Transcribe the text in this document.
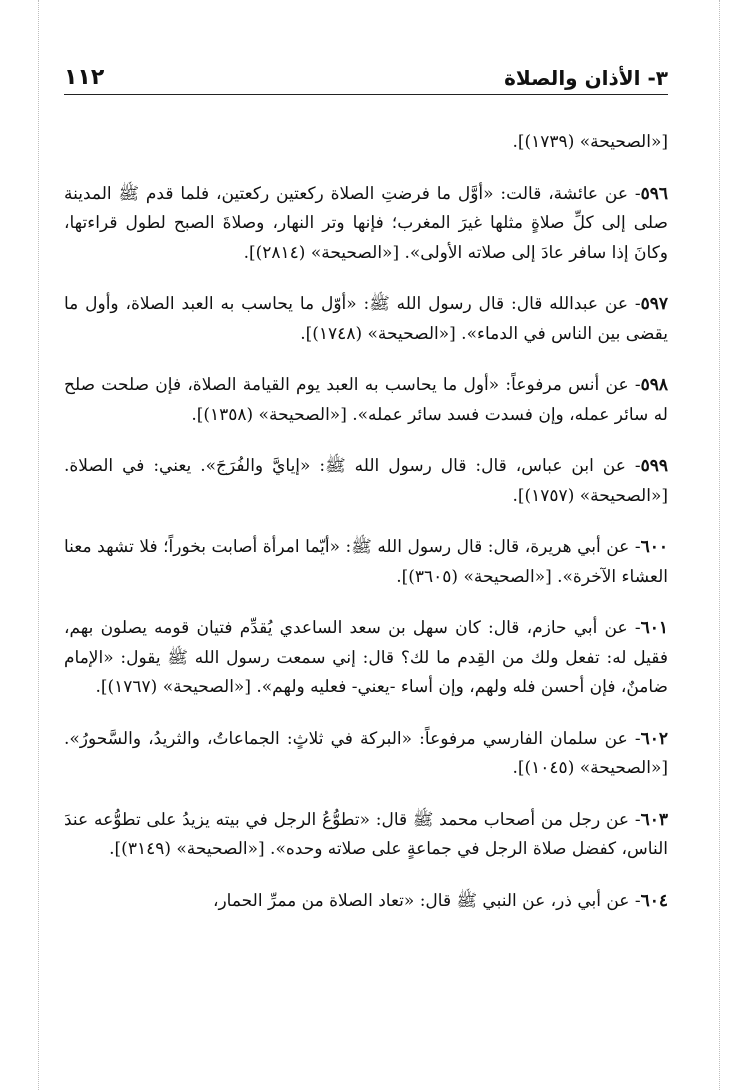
٣- الأذان والصلاة
١١٢

[«الصحيحة» (١٧٣٩)].

٥٩٦- عن عائشة، قالت: «أوَّل ما فرضتِ الصلاة ركعتين ركعتين، فلما قدم ﷺ المدينة صلى إلى كلِّ صلاةٍ مثلها غيرَ المغرب؛ فإنها وتر النهار، وصلاةَ الصبح لطول قراءتها، وكانَ إذا سافر عادَ إلى صلاته الأولى». [«الصحيحة» (٢٨١٤)].

٥٩٧- عن عبدالله قال: قال رسول الله ﷺ: «أوّل ما يحاسب به العبد الصلاة، وأول ما يقضى بين الناس في الدماء». [«الصحيحة» (١٧٤٨)].

٥٩٨- عن أنس مرفوعاً: «أول ما يحاسب به العبد يوم القيامة الصلاة، فإن صلحت صلح له سائر عمله، وإن فسدت فسد سائر عمله». [«الصحيحة» (١٣٥٨)].

٥٩٩- عن ابن عباس، قال: قال رسول الله ﷺ: «إيايَّ والفُرَجَ». يعني: في الصلاة. [«الصحيحة» (١٧٥٧)].

٦٠٠- عن أبي هريرة، قال: قال رسول الله ﷺ: «أيّما امرأة أصابت بخوراً؛ فلا تشهد معنا العشاء الآخرة». [«الصحيحة» (٣٦٠٥)].

٦٠١- عن أبي حازم، قال: كان سهل بن سعد الساعدي يُقدِّم فتيان قومه يصلون بهم، فقيل له: تفعل ولك من القِدم ما لك؟ قال: إني سمعت رسول الله ﷺ يقول: «الإمام ضامنٌ، فإن أحسن فله ولهم، وإن أساء -يعني- فعليه ولهم». [«الصحيحة» (١٧٦٧)].

٦٠٢- عن سلمان الفارسي مرفوعاً: «البركة في ثلاثٍ: الجماعاتُ، والثريدُ، والسَّحورُ». [«الصحيحة» (١٠٤٥)].

٦٠٣- عن رجل من أصحاب محمد ﷺ قال: «تطوُّعُ الرجل في بيته يزيدُ على تطوُّعه عندَ الناس، كفضل صلاة الرجل في جماعةٍ على صلاته وحده». [«الصحيحة» (٣١٤٩)].

٦٠٤- عن أبي ذر، عن النبي ﷺ قال: «تعاد الصلاة من ممرِّ الحمار،
